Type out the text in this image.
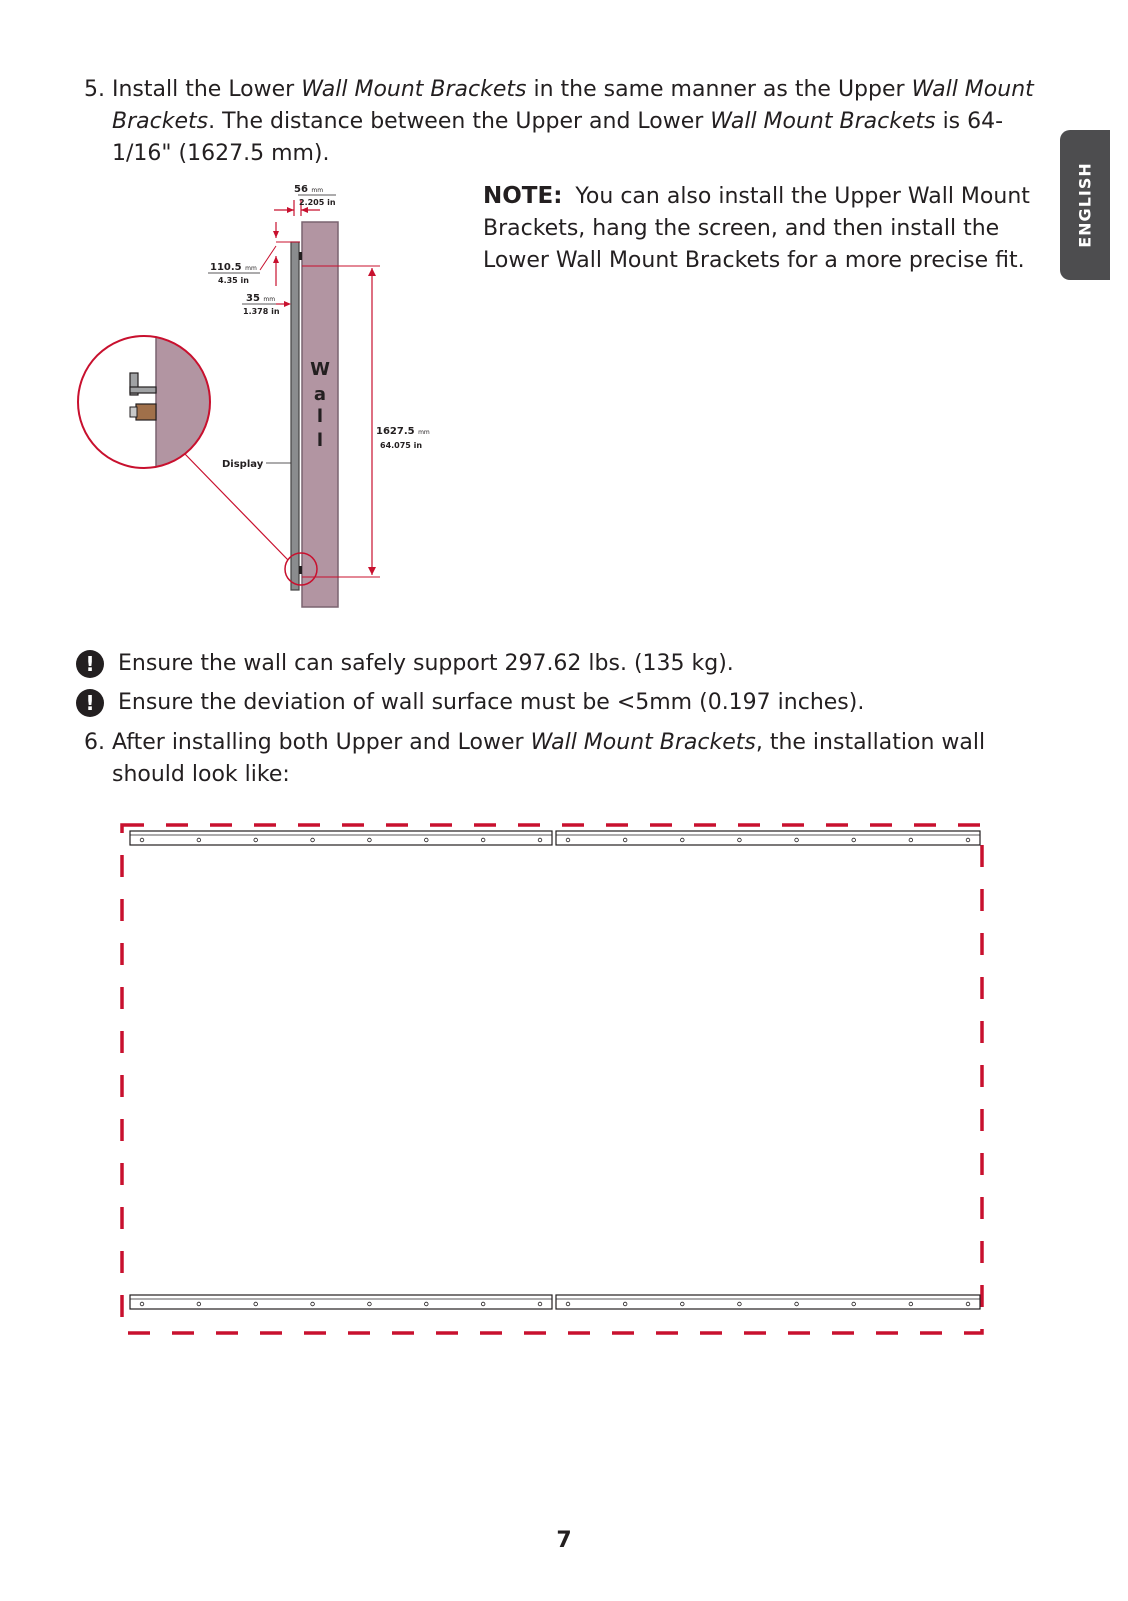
5. Install the Lower Wall Mount Brackets in the same manner as the Upper Wall Mount Brackets. The distance between the Upper and Lower Wall Mount Brackets is 64-1/16" (1627.5 mm).
NOTE: You can also install the Upper Wall Mount Brackets, hang the screen, and then install the Lower Wall Mount Brackets for a more precise fit.
ENGLISH
W
a
l
l
56 mm
2.205 in
110.5 mm
4.35 in
35 mm
1.378 in
1627.5 mm
64.075 in
Display
! Ensure the wall can safely support 297.62 lbs. (135 kg).
! Ensure the deviation of wall surface must be <5mm (0.197 inches).
6. After installing both Upper and Lower Wall Mount Brackets, the installation wall should look like:
7
